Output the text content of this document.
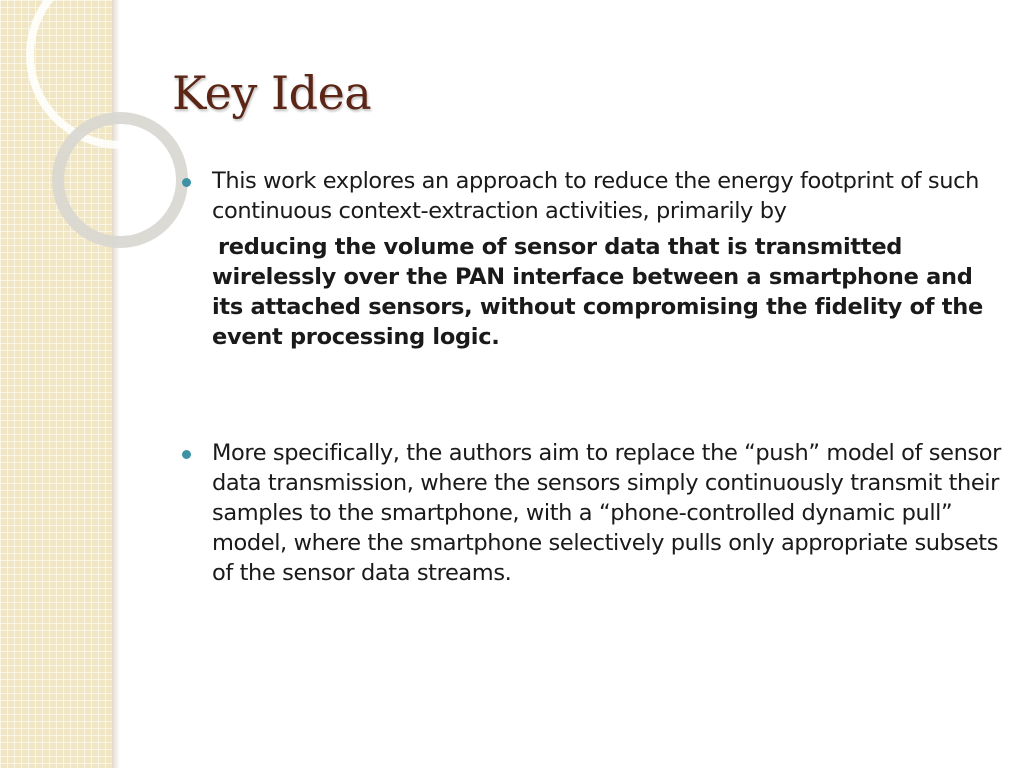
Key Idea
This work explores an approach to reduce the energy footprint of such continuous context-extraction activities, primarily by
reducing the volume of sensor data that is transmitted wirelessly over the PAN interface between a smartphone and its attached sensors, without compromising the fidelity of the event processing logic.
More specifically, the authors aim to replace the “push” model of sensor data transmission, where the sensors simply continuously transmit their samples to the smartphone, with a “phone-controlled dynamic pull” model, where the smartphone selectively pulls only appropriate subsets of the sensor data streams.
